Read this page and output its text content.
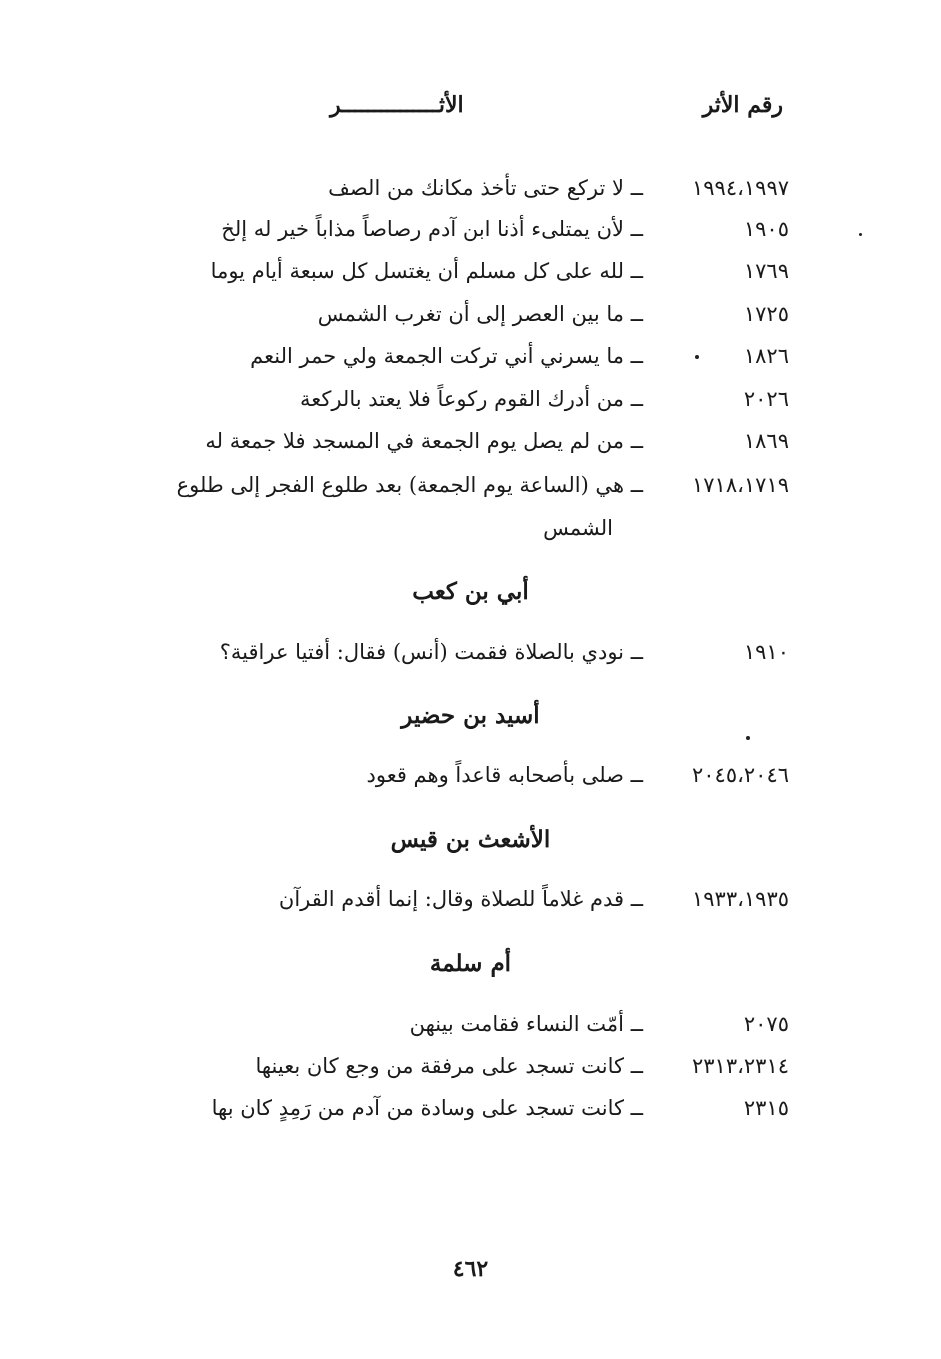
رقم الأثر
الأثـــــــــــــــر
١٩٩٤،١٩٩٧
ــ لا تركع حتى تأخذ مكانك من الصف
١٩٠٥
ــ لأن يمتلىء أذنا ابن آدم رصاصاً مذاباً خير له إلخ
١٧٦٩
ــ لله على كل مسلم أن يغتسل كل سبعة أيام يوما
١٧٢٥
ــ ما بين العصر إلى أن تغرب الشمس
١٨٢٦
ــ ما يسرني أني تركت الجمعة ولي حمر النعم
٢٠٢٦
ــ من أدرك القوم ركوعاً فلا يعتد بالركعة
١٨٦٩
ــ من لم يصل يوم الجمعة في المسجد فلا جمعة له
١٧١٨،١٧١٩
ــ هي (الساعة يوم الجمعة) بعد طلوع الفجر إلى طلوع
الشمس
أبي بن كعب
١٩١٠
ــ نودي بالصلاة فقمت (أنس) فقال: أفتيا عراقية؟
أسيد بن حضير
٢٠٤٥،٢٠٤٦
ــ صلى بأصحابه قاعداً وهم قعود
الأشعث بن قيس
١٩٣٣،١٩٣٥
ــ قدم غلاماً للصلاة وقال: إنما أقدم القرآن
أم سلمة
٢٠٧٥
ــ أمّت النساء فقامت بينهن
٢٣١٣،٢٣١٤
ــ كانت تسجد على مرفقة من وجع كان بعينها
٢٣١٥
ــ كانت تسجد على وسادة من آدم من رَمِدٍ كان بها
٤٦٢
